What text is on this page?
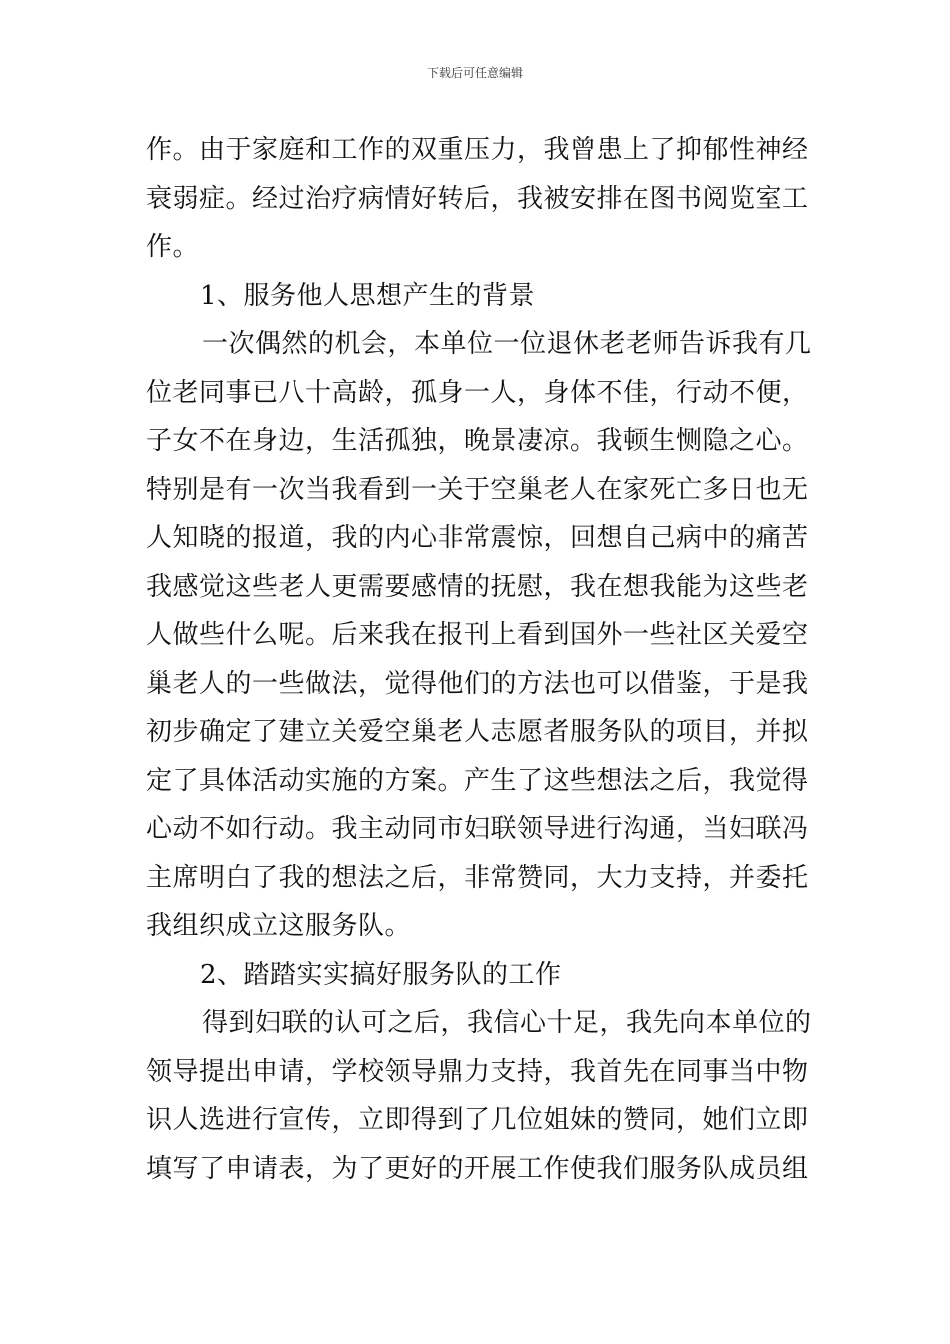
下载后可任意编辑
作。由于家庭和工作的双重压力，我曾患上了抑郁性神经
衰弱症。经过治疗病情好转后，我被安排在图书阅览室工
作。
1、服务他人思想产生的背景
一次偶然的机会，本单位一位退休老老师告诉我有几
位老同事已八十高龄，孤身一人，身体不佳，行动不便，
子女不在身边，生活孤独，晚景凄凉。我顿生恻隐之心。
特别是有一次当我看到一关于空巢老人在家死亡多日也无
人知晓的报道，我的内心非常震惊，回想自己病中的痛苦
我感觉这些老人更需要感情的抚慰，我在想我能为这些老
人做些什么呢。后来我在报刊上看到国外一些社区关爱空
巢老人的一些做法，觉得他们的方法也可以借鉴，于是我
初步确定了建立关爱空巢老人志愿者服务队的项目，并拟
定了具体活动实施的方案。产生了这些想法之后，我觉得
心动不如行动。我主动同市妇联领导进行沟通，当妇联冯
主席明白了我的想法之后，非常赞同，大力支持，并委托
我组织成立这服务队。
2、踏踏实实搞好服务队的工作
得到妇联的认可之后，我信心十足，我先向本单位的
领导提出申请，学校领导鼎力支持，我首先在同事当中物
识人选进行宣传，立即得到了几位姐妹的赞同，她们立即
填写了申请表，为了更好的开展工作使我们服务队成员组
